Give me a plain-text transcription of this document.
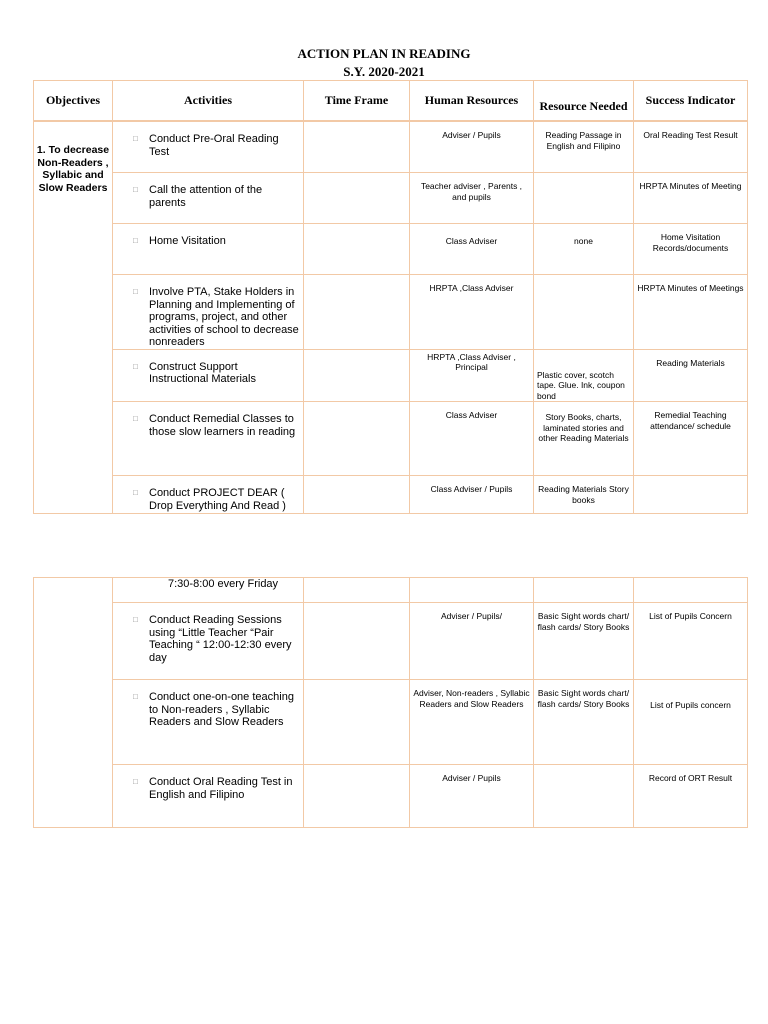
ACTION PLAN IN READING
S.Y. 2020-2021
Objectives	Activities	Time Frame	Human Resources	Resource Needed	Success Indicator

1. To decrease Non-Readers , Syllabic and Slow Readers	□ Conduct Pre-Oral Reading Test		Adviser / Pupils	Reading Passage in English and Filipino	Oral Reading Test Result

	□ Call the attention of the parents		Teacher adviser , Parents , and pupils		HRPTA Minutes of Meeting

	□ Home Visitation		Class Adviser	none	Home Visitation Records/documents

	□ Involve PTA, Stake Holders in Planning and Implementing of programs, project, and other activities of school to decrease nonreaders		HRPTA ,Class Adviser		HRPTA Minutes of Meetings

	□ Construct Support Instructional Materials		HRPTA ,Class Adviser , Principal	Plastic cover, scotch tape. Glue. Ink, coupon bond	Reading Materials

	□ Conduct Remedial Classes to those slow learners in reading		Class Adviser	Story Books, charts, laminated stories and other Reading Materials	Remedial Teaching attendance/ schedule

	□ Conduct PROJECT DEAR ( Drop Everything And Read )		Class Adviser / Pupils	Reading Materials Story books	

	7:30-8:00 every Friday				

	□ Conduct Reading Sessions using “Little Teacher “Pair Teaching “ 12:00-12:30 every day		Adviser / Pupils/	Basic Sight words chart/ flash cards/ Story Books	List of Pupils Concern

	□ Conduct one-on-one teaching to Non-readers , Syllabic Readers and Slow Readers		Adviser, Non-readers , Syllabic Readers and Slow Readers	Basic Sight words chart/ flash cards/ Story Books	List of Pupils concern

	□ Conduct Oral Reading Test in English and Filipino		Adviser / Pupils		Record of ORT Result
